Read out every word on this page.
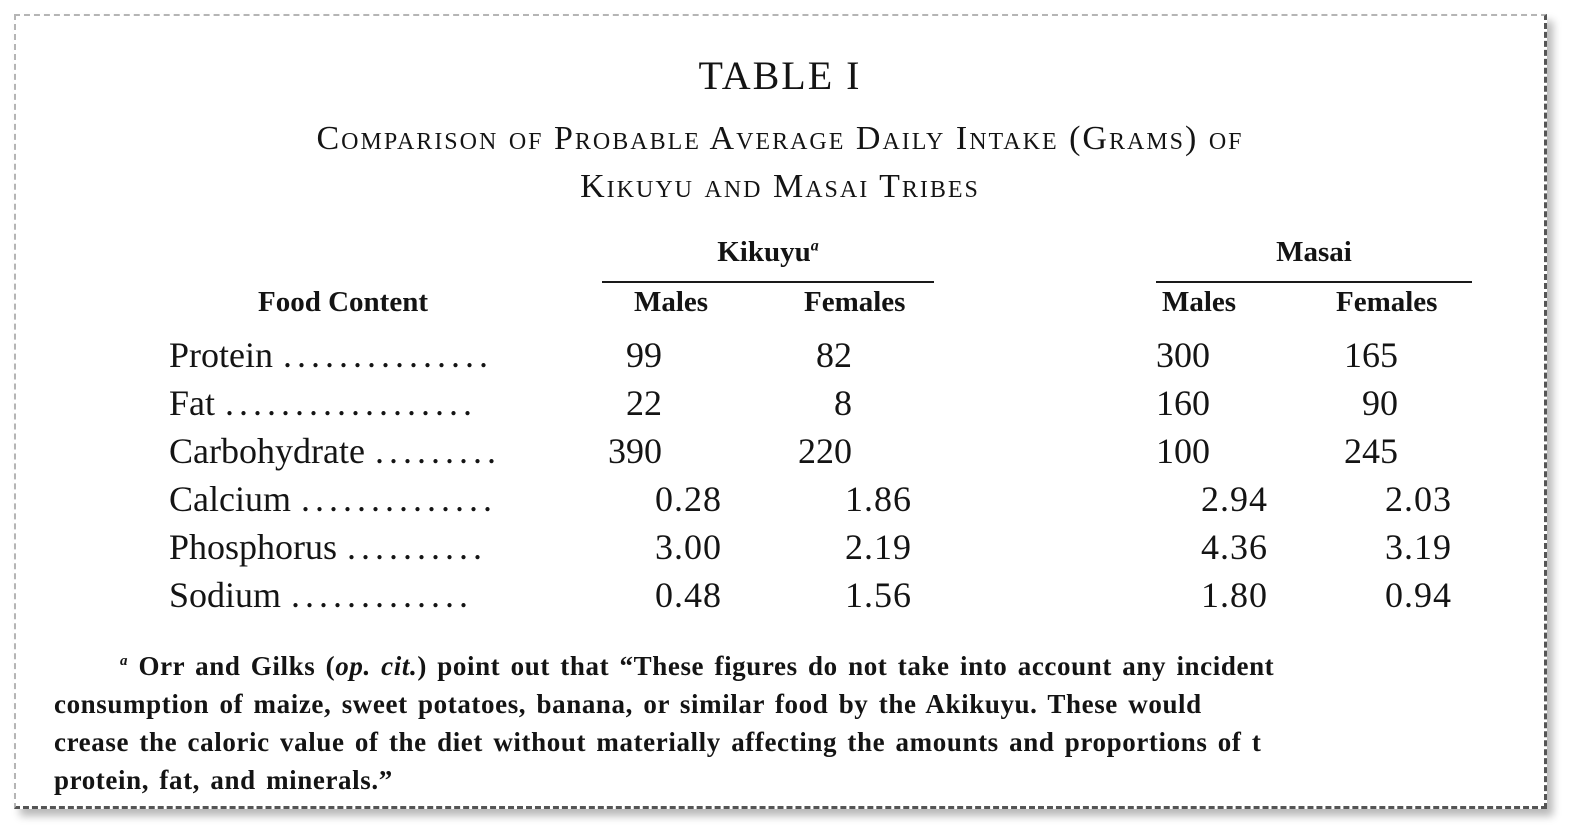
TABLE I
Comparison of Probable Average Daily Intake (Grams) of
Kikuyu and Masai Tribes
Kikuyu$^a$	Masai
Food Content	Males	Females	Males	Females
Protein ...............	99	82	300	165
Fat ..................	22	8	160	90
Carbohydrate .........	390	220	100	245
Calcium ..............	0.28	1.86	2.94	2.03
Phosphorus ..........	3.00	2.19	4.36	3.19
Sodium .............	0.48	1.56	1.80	0.94
$^a$ Orr and Gilks (op. cit.) point out that “These figures do not take into account any incident
consumption of maize, sweet potatoes, banana, or similar food by the Akikuyu. These would
crease the caloric value of the diet without materially affecting the amounts and proportions of t
protein, fat, and minerals.”
